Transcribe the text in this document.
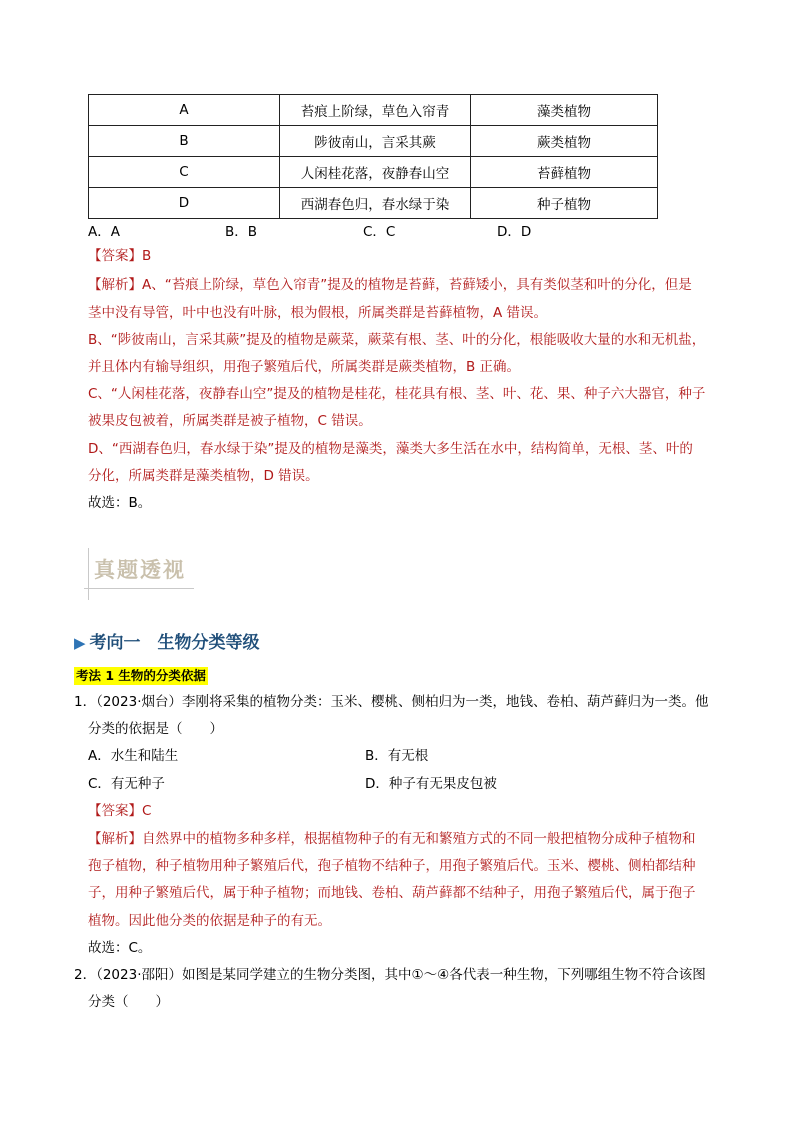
A	苔痕上阶绿，草色入帘青	藻类植物
B	陟彼南山，言采其蕨	蕨类植物
C	人闲桂花落，夜静春山空	苔藓植物
D	西湖春色归，春水绿于染	种子植物
A．A	B．B	C．C	D．D
【答案】B
【解析】A、“苔痕上阶绿，草色入帘青”提及的植物是苔藓，苔藓矮小，具有类似茎和叶的分化，但是
茎中没有导管，叶中也没有叶脉，根为假根，所属类群是苔藓植物，A 错误。
B、“陟彼南山，言采其蕨”提及的植物是蕨菜，蕨菜有根、茎、叶的分化，根能吸收大量的水和无机盐，
并且体内有输导组织，用孢子繁殖后代，所属类群是蕨类植物，B 正确。
C、“人闲桂花落，夜静春山空”提及的植物是桂花，桂花具有根、茎、叶、花、果、种子六大器官，种子
被果皮包被着，所属类群是被子植物，C 错误。
D、“西湖春色归，春水绿于染”提及的植物是藻类，藻类大多生活在水中，结构简单，无根、茎、叶的
分化，所属类群是藻类植物，D 错误。
故选：B。
真题透视
▶ 考向一　生物分类等级
考法 1 生物的分类依据
1．（2023·烟台）李刚将采集的植物分类：玉米、樱桃、侧柏归为一类，地钱、卷柏、葫芦藓归为一类。他
分类的依据是（　　）
A．水生和陆生	B．有无根
C．有无种子	D．种子有无果皮包被
【答案】C
【解析】自然界中的植物多种多样，根据植物种子的有无和繁殖方式的不同一般把植物分成种子植物和
孢子植物，种子植物用种子繁殖后代，孢子植物不结种子，用孢子繁殖后代。玉米、樱桃、侧柏都结种
子，用种子繁殖后代，属于种子植物；而地钱、卷柏、葫芦藓都不结种子，用孢子繁殖后代，属于孢子
植物。因此他分类的依据是种子的有无。
故选：C。
2．（2023·邵阳）如图是某同学建立的生物分类图，其中①～④各代表一种生物，下列哪组生物不符合该图
分类（　　）
